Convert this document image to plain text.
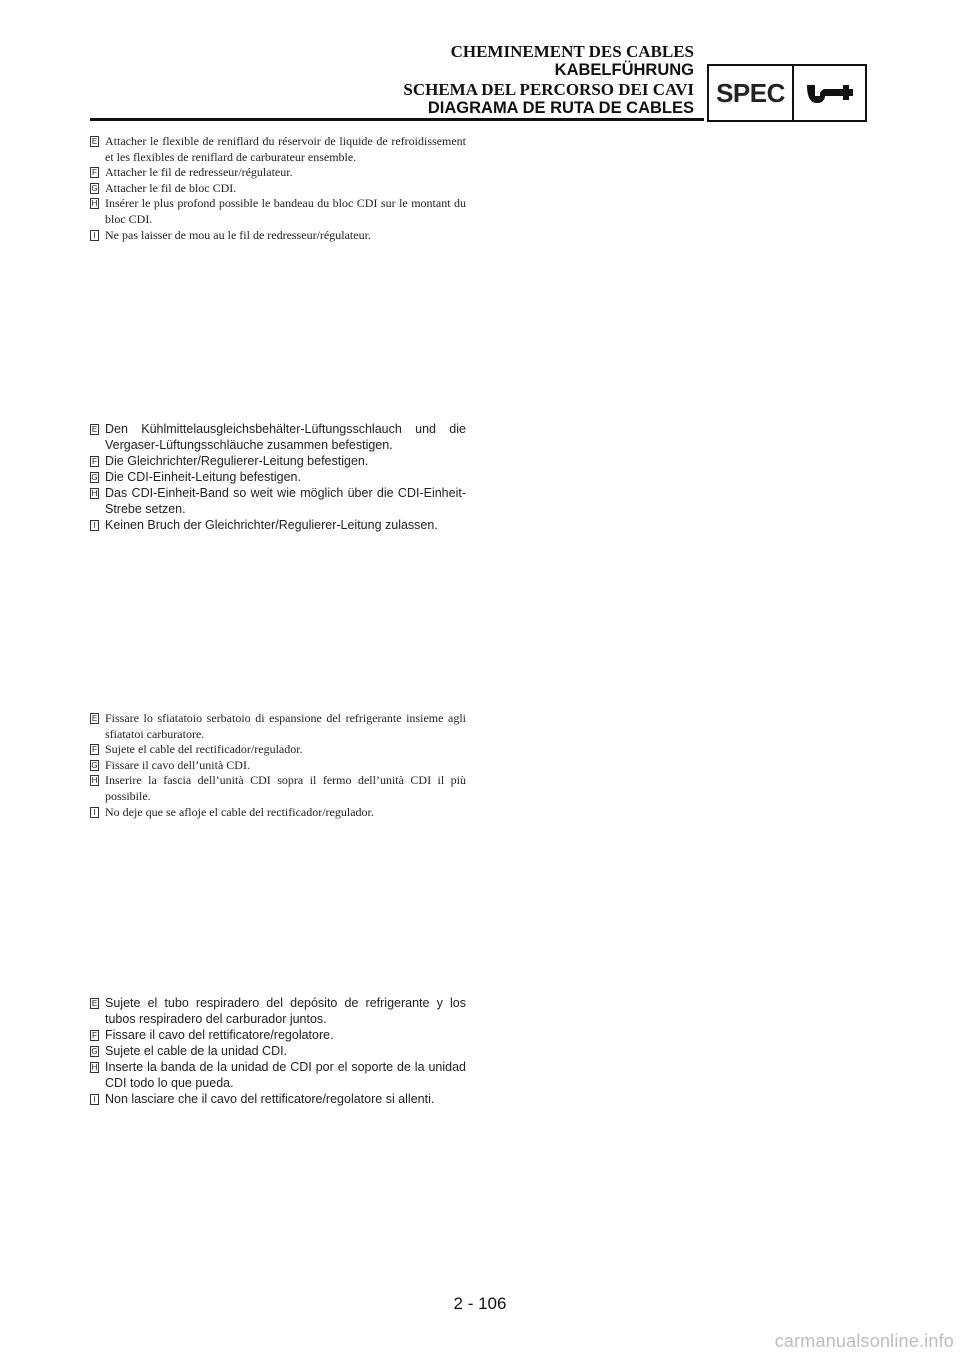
CHEMINEMENT DES CABLES
KABELFÜHRUNG
SCHEMA DEL PERCORSO DEI CAVI
DIAGRAMA DE RUTA DE CABLES
SPEC
E Attacher le flexible de reniflard du réservoir de liquide de refroidissement et les flexibles de reniflard de carburateur ensemble.
F Attacher le fil de redresseur/régulateur.
G Attacher le fil de bloc CDI.
H Insérer le plus profond possible le bandeau du bloc CDI sur le montant du bloc CDI.
I Ne pas laisser de mou au le fil de redresseur/régulateur.
E Den Kühlmittelausgleichsbehälter-Lüftungsschlauch und die Vergaser-Lüftungsschläuche zusammen befestigen.
F Die Gleichrichter/Regulierer-Leitung befestigen.
G Die CDI-Einheit-Leitung befestigen.
H Das CDI-Einheit-Band so weit wie möglich über die CDI-Einheit-Strebe setzen.
I Keinen Bruch der Gleichrichter/Regulierer-Leitung zulassen.
E Fissare lo sfiatatoio serbatoio di espansione del refrigerante insieme agli sfiatatoi carburatore.
F Sujete el cable del rectificador/regulador.
G Fissare il cavo dell’unità CDI.
H Inserire la fascia dell’unità CDI sopra il fermo dell’unità CDI il più possibile.
I No deje que se afloje el cable del rectificador/regulador.
E Sujete el tubo respiradero del depósito de refrigerante y los tubos respiradero del carburador juntos.
F Fissare il cavo del rettificatore/regolatore.
G Sujete el cable de la unidad CDI.
H Inserte la banda de la unidad de CDI por el soporte de la unidad CDI todo lo que pueda.
I Non lasciare che il cavo del rettificatore/regolatore si allenti.
2 - 106
carmanualsonline.info
